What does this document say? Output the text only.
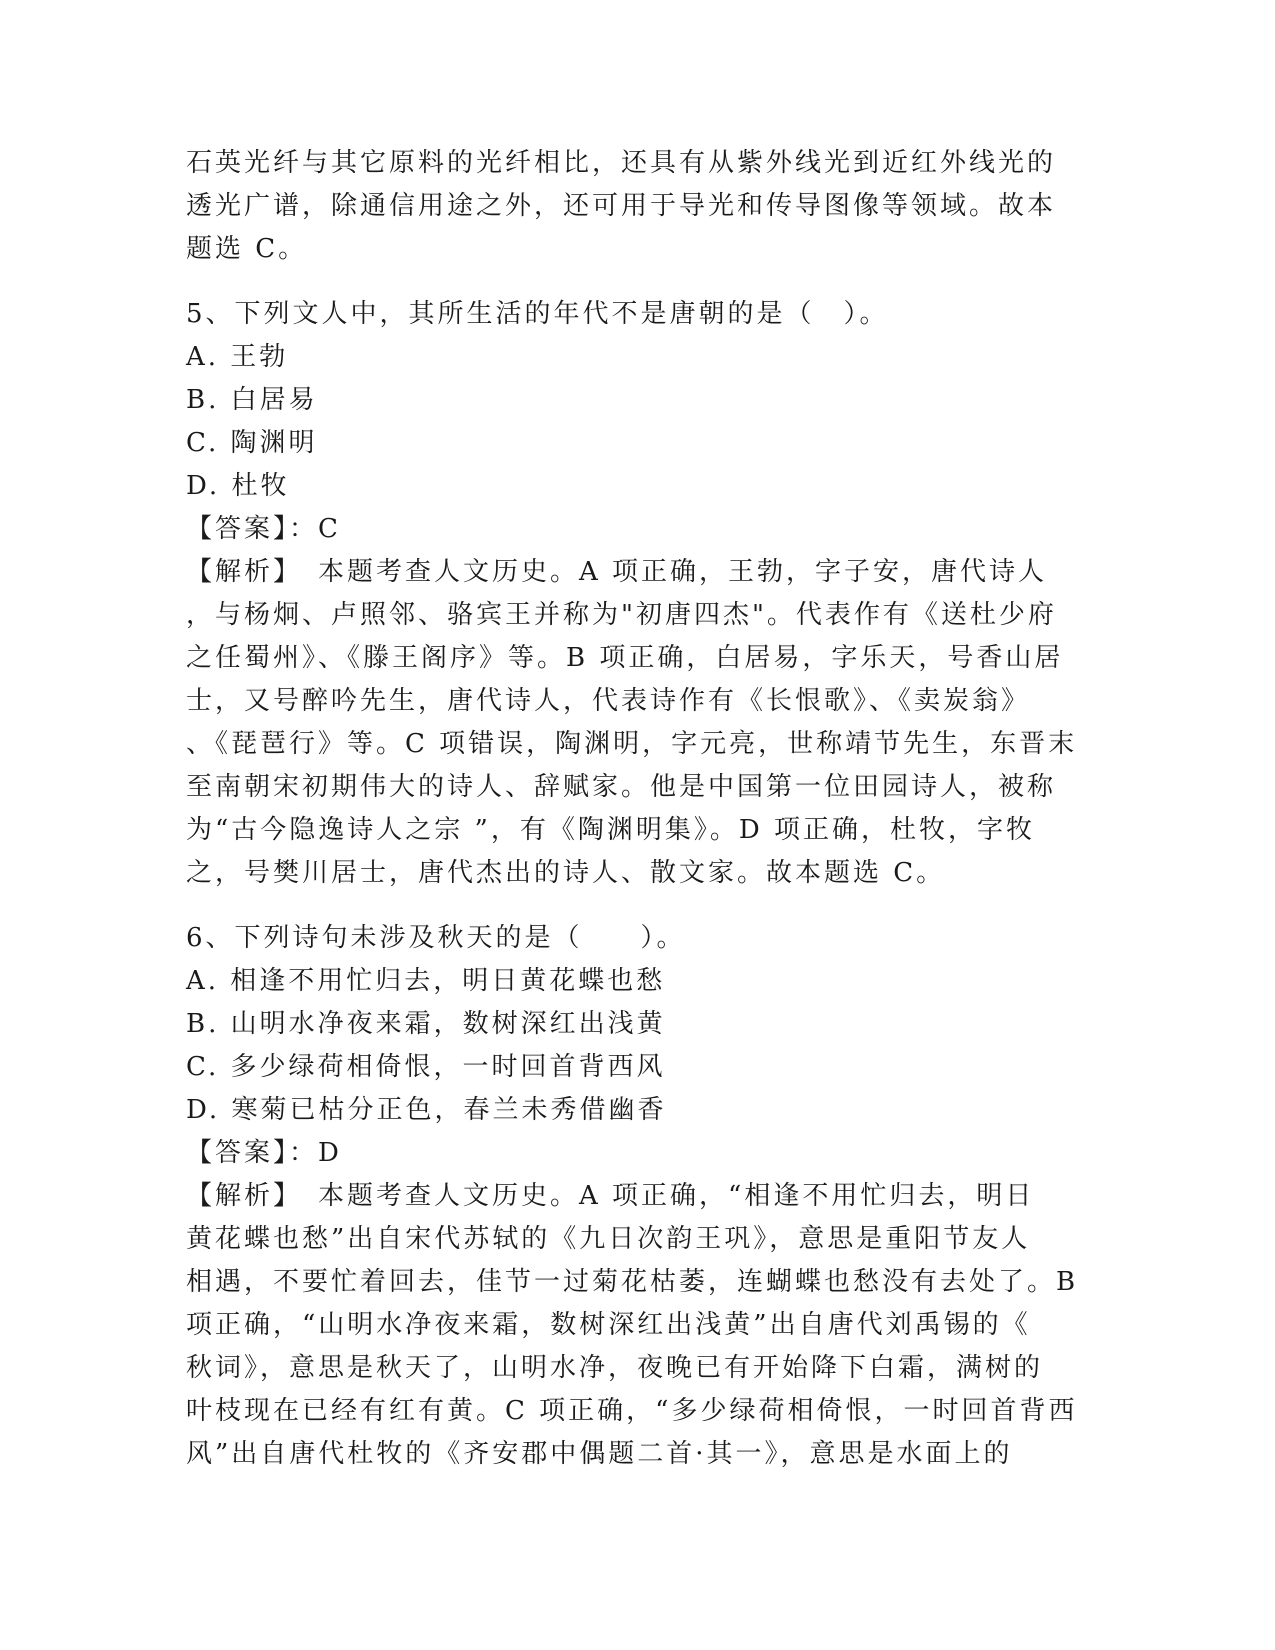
石英光纤与其它原料的光纤相比，还具有从紫外线光到近红外线光的
透光广谱，除通信用途之外，还可用于导光和传导图像等领域。故本
题选 C。
5、下列文人中，其所生活的年代不是唐朝的是（　）。
A. 王勃
B. 白居易
C. 陶渊明
D. 杜牧
【答案】：C
【解析】　本题考查人文历史。A 项正确，王勃，字子安，唐代诗人
，与杨炯、卢照邻、骆宾王并称为"初唐四杰"。代表作有《送杜少府
之任蜀州》、《滕王阁序》等。B 项正确，白居易，字乐天，号香山居
士，又号醉吟先生，唐代诗人，代表诗作有《长恨歌》、《卖炭翁》
、《琵琶行》等。C 项错误，陶渊明，字元亮，世称靖节先生，东晋末
至南朝宋初期伟大的诗人、辞赋家。他是中国第一位田园诗人，被称
为“古今隐逸诗人之宗 ”，有《陶渊明集》。D 项正确，杜牧，字牧
之，号樊川居士，唐代杰出的诗人、散文家。故本题选 C。
6、下列诗句未涉及秋天的是（　　）。
A. 相逢不用忙归去，明日黄花蝶也愁
B. 山明水净夜来霜，数树深红出浅黄
C. 多少绿荷相倚恨，一时回首背西风
D. 寒菊已枯分正色，春兰未秀借幽香
【答案】：D
【解析】　本题考查人文历史。A 项正确，“相逢不用忙归去，明日
黄花蝶也愁”出自宋代苏轼的《九日次韵王巩》，意思是重阳节友人
相遇，不要忙着回去，佳节一过菊花枯萎，连蝴蝶也愁没有去处了。B
项正确，“山明水净夜来霜，数树深红出浅黄”出自唐代刘禹锡的《
秋词》，意思是秋天了，山明水净，夜晚已有开始降下白霜，满树的
叶枝现在已经有红有黄。C 项正确，“多少绿荷相倚恨，一时回首背西
风”出自唐代杜牧的《齐安郡中偶题二首·其一》，意思是水面上的
